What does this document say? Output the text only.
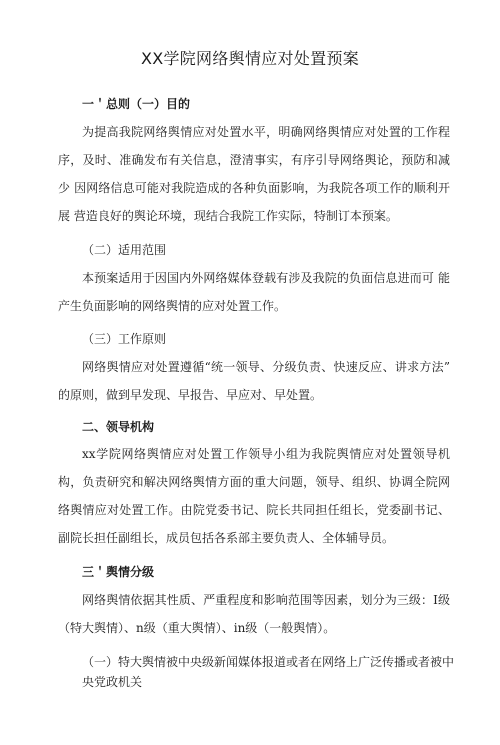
XX学院网络舆情应对处置预案
一＇总则（一）目的
为提高我院网络舆情应对处置水平，明确网络舆情应对处置的工作程 序，及时、准确发布有关信息，澄清事实，有序引导网络舆论，预防和减少 因网络信息可能对我院造成的各种负面影响，为我院各项工作的顺利开展 营造良好的舆论环境，现结合我院工作实际，特制订本预案。
（二）适用范围
本预案适用于因国内外网络媒体登载有涉及我院的负面信息进而可 能产生负面影响的网络舆情的应对处置工作。
（三）工作原则
网络舆情应对处置遵循“统一领导、分级负责、快速反应、讲求方法” 的原则，做到早发现、早报告、早应对、早处置。
二、领导机构
xx学院网络舆情应对处置工作领导小组为我院舆情应对处置领导机 构，负责研究和解决网络舆情方面的重大问题，领导、组织、协调全院网 络舆情应对处置工作。由院党委书记、院长共同担任组长，党委副书记、 副院长担任副组长，成员包括各系部主要负责人、全体辅导员。
三＇舆情分级
网络舆情依据其性质、严重程度和影响范围等因素，划分为三级：I级 （特大舆情）、n级（重大舆情）、in级（一般舆情）。
（一）特大舆情被中央级新闻媒体报道或者在网络上广泛传播或者被中央党政机关
